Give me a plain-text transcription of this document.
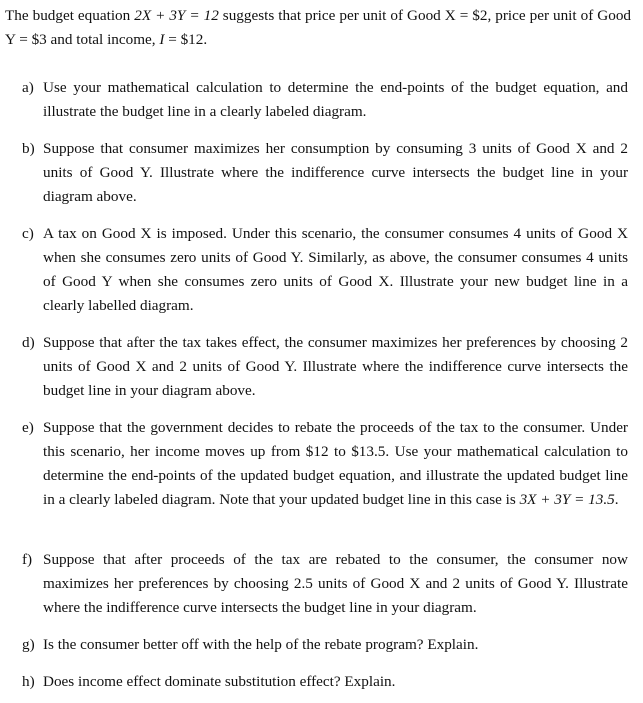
The budget equation 2X + 3Y = 12 suggests that price per unit of Good X = $2, price per unit of Good Y = $3 and total income, I = $12.
a) Use your mathematical calculation to determine the end-points of the budget equation, and illustrate the budget line in a clearly labeled diagram.
b) Suppose that consumer maximizes her consumption by consuming 3 units of Good X and 2 units of Good Y. Illustrate where the indifference curve intersects the budget line in your diagram above.
c) A tax on Good X is imposed. Under this scenario, the consumer consumes 4 units of Good X when she consumes zero units of Good Y. Similarly, as above, the consumer consumes 4 units of Good Y when she consumes zero units of Good X. Illustrate your new budget line in a clearly labelled diagram.
d) Suppose that after the tax takes effect, the consumer maximizes her preferences by choosing 2 units of Good X and 2 units of Good Y. Illustrate where the indifference curve intersects the budget line in your diagram above.
e) Suppose that the government decides to rebate the proceeds of the tax to the consumer. Under this scenario, her income moves up from $12 to $13.5. Use your mathematical calculation to determine the end-points of the updated budget equation, and illustrate the updated budget line in a clearly labeled diagram. Note that your updated budget line in this case is 3X + 3Y = 13.5.
f) Suppose that after proceeds of the tax are rebated to the consumer, the consumer now maximizes her preferences by choosing 2.5 units of Good X and 2 units of Good Y. Illustrate where the indifference curve intersects the budget line in your diagram.
g) Is the consumer better off with the help of the rebate program? Explain.
h) Does income effect dominate substitution effect? Explain.
